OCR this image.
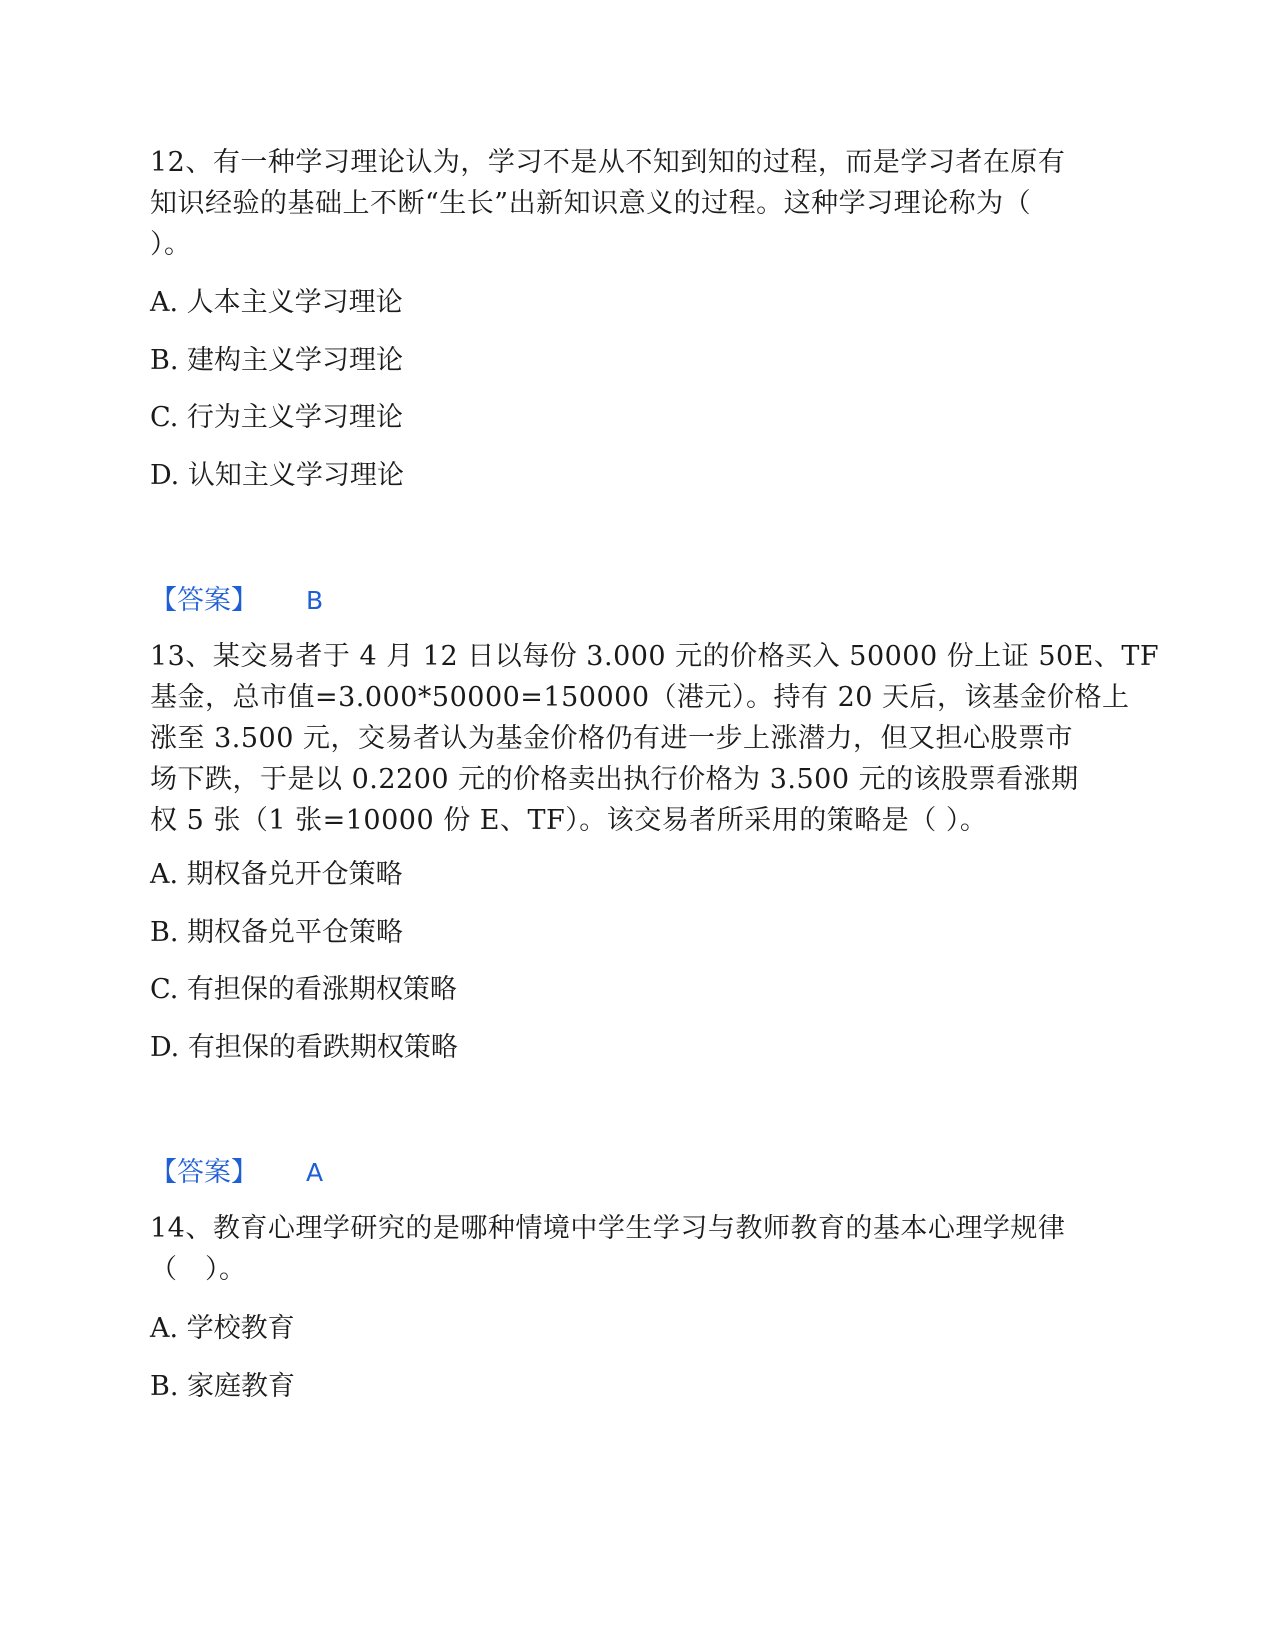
12、有一种学习理论认为，学习不是从不知到知的过程，而是学习者在原有
知识经验的基础上不断“生长”出新知识意义的过程。这种学习理论称为（
）。
A. 人本主义学习理论
B. 建构主义学习理论
C. 行为主义学习理论
D. 认知主义学习理论
【答案】 B
13、某交易者于 4 月 12 日以每份 3.000 元的价格买入 50000 份上证 50E、TF
基金，总市值=3.000*50000=150000（港元）。持有 20 天后，该基金价格上
涨至 3.500 元，交易者认为基金价格仍有进一步上涨潜力，但又担心股票市
场下跌，于是以 0.2200 元的价格卖出执行价格为 3.500 元的该股票看涨期
权 5 张（1 张=10000 份 E、TF）。该交易者所采用的策略是（ ）。
A. 期权备兑开仓策略
B. 期权备兑平仓策略
C. 有担保的看涨期权策略
D. 有担保的看跌期权策略
【答案】 A
14、教育心理学研究的是哪种情境中学生学习与教师教育的基本心理学规律
（　）。
A. 学校教育
B. 家庭教育
